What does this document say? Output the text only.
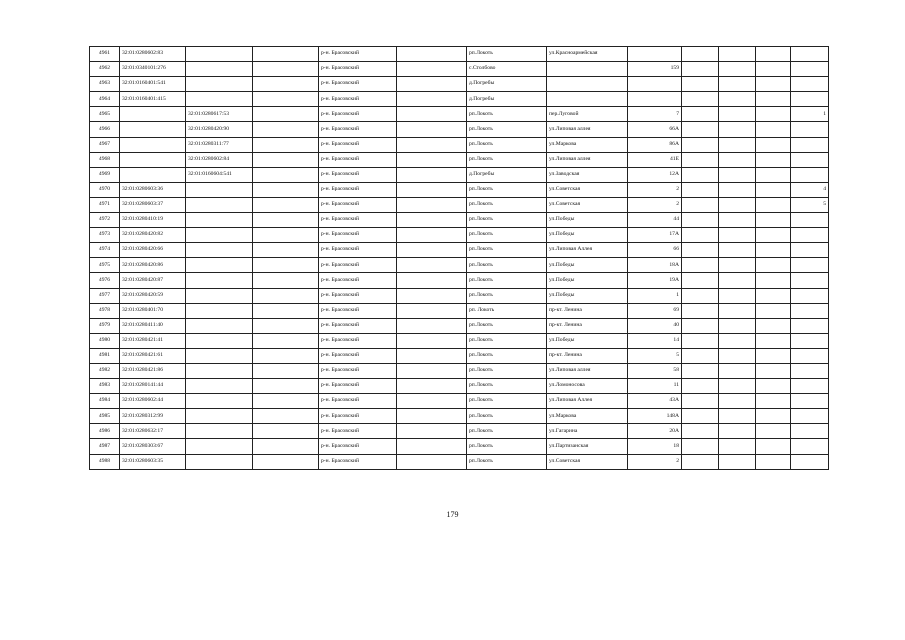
4961	32:01:0280602:83			р-н. Брасовский		рп.Локоть	ул.Красноармейская					
4962	32:01:0340101:276			р-н. Брасовский		с.Столбово		159				
4963	32:01:0160401:541			р-н. Брасовский		д.Погребы						
4964	32:01:0160401:415			р-н. Брасовский		д.Погребы						
4965		32:01:0280617:53		р-н. Брасовский		рп.Локоть	пер.Луговой	7				1
4966		32:01:0280420:90		р-н. Брасовский		рп.Локоть	ул.Липовая аллея	66А				
4967		32:01:0280311:77		р-н. Брасовский		рп.Локоть	ул.Маркова	86А				
4968		32:01:0280602:84		р-н. Брасовский		рп.Локоть	ул.Липовая аллея	41Е				
4969		32:01:0160604:541		р-н. Брасовский		д.Погребы	ул.Заводская	12А				
4970	32:01:0280603:36			р-н. Брасовский		рп.Локоть	ул.Советская	2				4
4971	32:01:0280603:37			р-н. Брасовский		рп.Локоть	ул.Советская	2				5
4972	32:01:0280410:19			р-н. Брасовский		рп.Локоть	ул.Победы	44				
4973	32:01:0280420:82			р-н. Брасовский		рп.Локоть	ул.Победы	17А				
4974	32:01:0280420:66			р-н. Брасовский		рп.Локоть	ул.Липовая Аллея	66				
4975	32:01:0280420:86			р-н. Брасовский		рп.Локоть	ул.Победы	18А				
4976	32:01:0280420:87			р-н. Брасовский		рп.Локоть	ул.Победы	19А				
4977	32:01:0280420:59			р-н. Брасовский		рп.Локоть	ул.Победы	1				
4978	32:01:0280401:70			р-н. Брасовский		рп. Локоть	пр-кт. Ленина	69				
4979	32:01:0280411:40			р-н. Брасовский		рп.Локоть	пр-кт. Ленина	40				
4980	32:01:0280421:41			р-н. Брасовский		рп.Локоть	ул.Победы	14				
4981	32:01:0280421:61			р-н. Брасовский		рп.Локоть	пр-кт. Ленина	5				
4982	32:01:0280421:86			р-н. Брасовский		рп.Локоть	ул.Липовая аллея	58				
4983	32:01:0280141:44			р-н. Брасовский		рп.Локоть	ул.Ломоносова	11				
4984	32:01:0280602:44			р-н. Брасовский		рп.Локоть	ул.Липовая Аллея	43А				
4985	32:01:0280312:99			р-н. Брасовский		рп.Локоть	ул.Маркова	148А				
4986	32:01:0280632:17			р-н. Брасовский		рп.Локоть	ул.Гагарина	20А				
4987	32:01:0280303:67			р-н. Брасовский		рп.Локоть	ул.Партизанская	18				
4988	32:01:0280603:35			р-н. Брасовский		рп.Локоть	ул.Советская	2				
179
